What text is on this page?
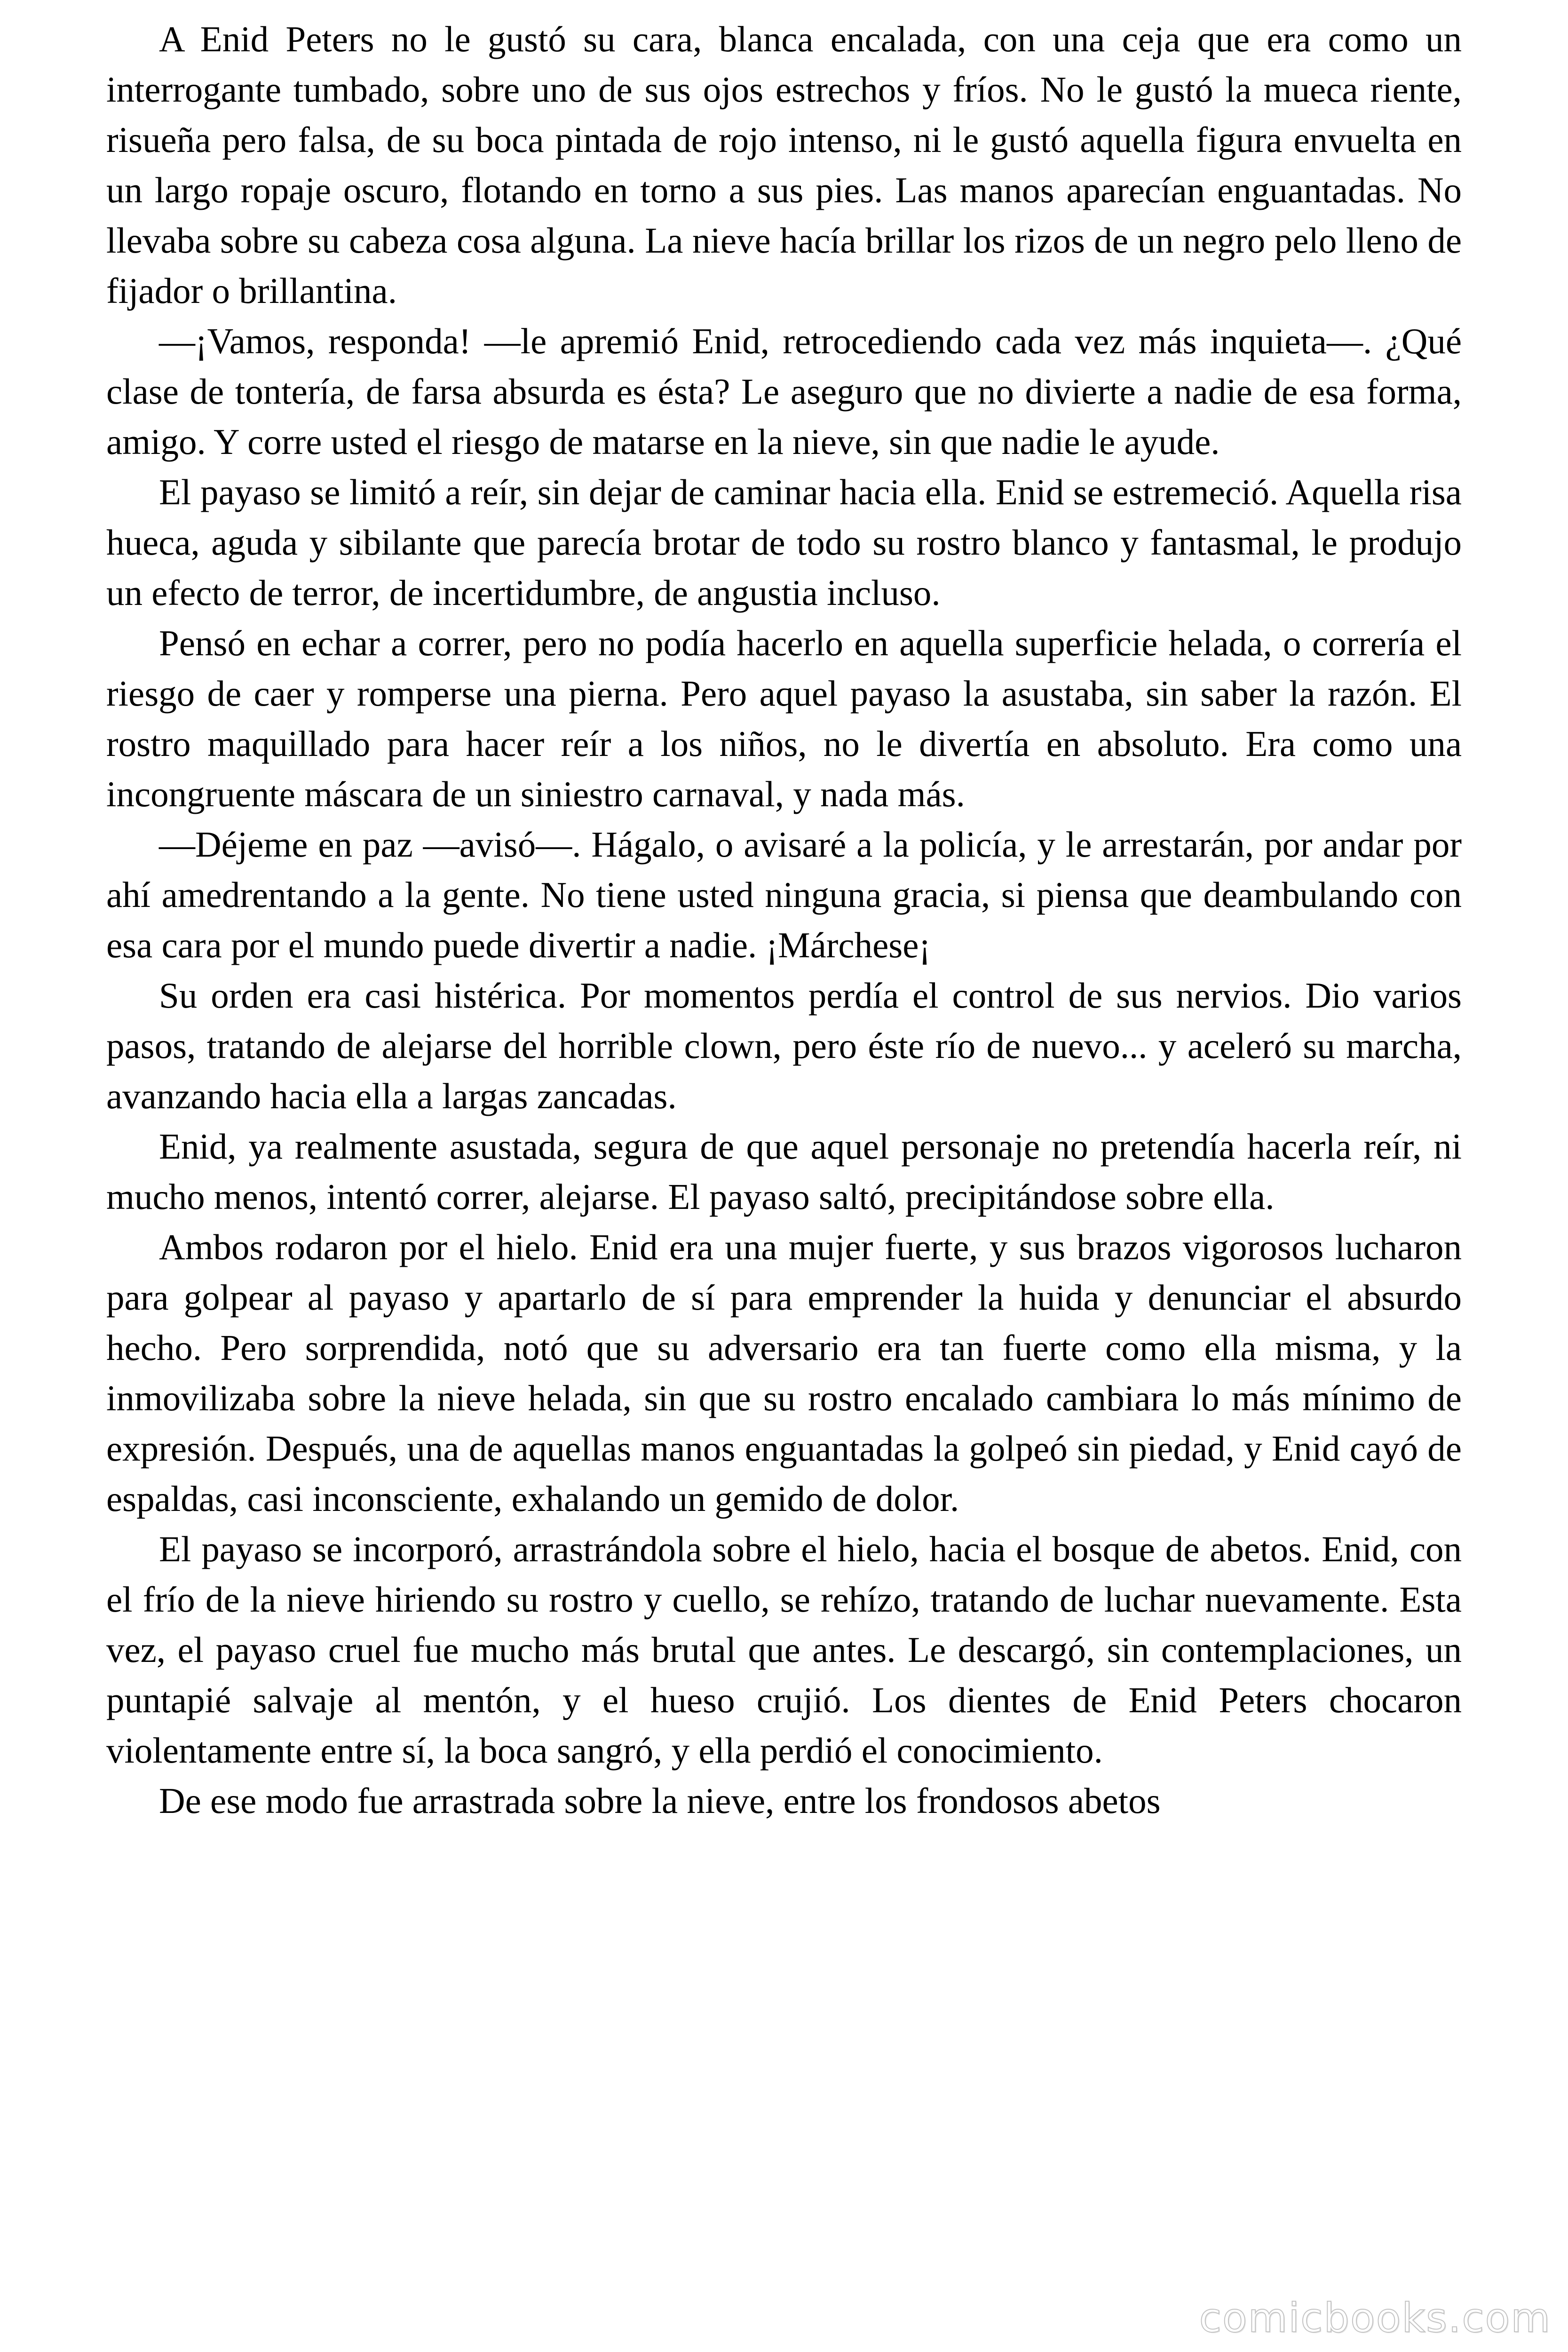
A Enid Peters no le gustó su cara, blanca encalada, con una ceja que era como un interrogante tumbado, sobre uno de sus ojos estrechos y fríos. No le gustó la mueca riente, risueña pero falsa, de su boca pintada de rojo intenso, ni le gustó aquella figura envuelta en un largo ropaje oscuro, flotando en torno a sus pies. Las manos aparecían enguantadas. No llevaba sobre su cabeza cosa alguna. La nieve hacía brillar los rizos de un negro pelo lleno de fijador o brillantina.

—¡Vamos, responda! —le apremió Enid, retrocediendo cada vez más inquieta—. ¿Qué clase de tontería, de farsa absurda es ésta? Le aseguro que no divierte a nadie de esa forma, amigo. Y corre usted el riesgo de matarse en la nieve, sin que nadie le ayude.

El payaso se limitó a reír, sin dejar de caminar hacia ella. Enid se estremeció. Aquella risa hueca, aguda y sibilante que parecía brotar de todo su rostro blanco y fantasmal, le produjo un efecto de terror, de incertidumbre, de angustia incluso.

Pensó en echar a correr, pero no podía hacerlo en aquella superficie helada, o correría el riesgo de caer y romperse una pierna. Pero aquel payaso la asustaba, sin saber la razón. El rostro maquillado para hacer reír a los niños, no le divertía en absoluto. Era como una incongruente máscara de un siniestro carnaval, y nada más.

—Déjeme en paz —avisó—. Hágalo, o avisaré a la policía, y le arrestarán, por andar por ahí amedrentando a la gente. No tiene usted ninguna gracia, si piensa que deambulando con esa cara por el mundo puede divertir a nadie. ¡Márchese¡

Su orden era casi histérica. Por momentos perdía el control de sus nervios. Dio varios pasos, tratando de alejarse del horrible clown, pero éste río de nuevo... y aceleró su marcha, avanzando hacia ella a largas zancadas.

Enid, ya realmente asustada, segura de que aquel personaje no pretendía hacerla reír, ni mucho menos, intentó correr, alejarse. El payaso saltó, precipitándose sobre ella.

Ambos rodaron por el hielo. Enid era una mujer fuerte, y sus brazos vigorosos lucharon para golpear al payaso y apartarlo de sí para emprender la huida y denunciar el absurdo hecho. Pero sorprendida, notó que su adversario era tan fuerte como ella misma, y la inmovilizaba sobre la nieve helada, sin que su rostro encalado cambiara lo más mínimo de expresión. Después, una de aquellas manos enguantadas la golpeó sin piedad, y Enid cayó de espaldas, casi inconsciente, exhalando un gemido de dolor.

El payaso se incorporó, arrastrándola sobre el hielo, hacia el bosque de abetos. Enid, con el frío de la nieve hiriendo su rostro y cuello, se rehízo, tratando de luchar nuevamente. Esta vez, el payaso cruel fue mucho más brutal que antes. Le descargó, sin contemplaciones, un puntapié salvaje al mentón, y el hueso crujió. Los dientes de Enid Peters chocaron violentamente entre sí, la boca sangró, y ella perdió el conocimiento.

De ese modo fue arrastrada sobre la nieve, entre los frondosos abetos

comicbooks.com
